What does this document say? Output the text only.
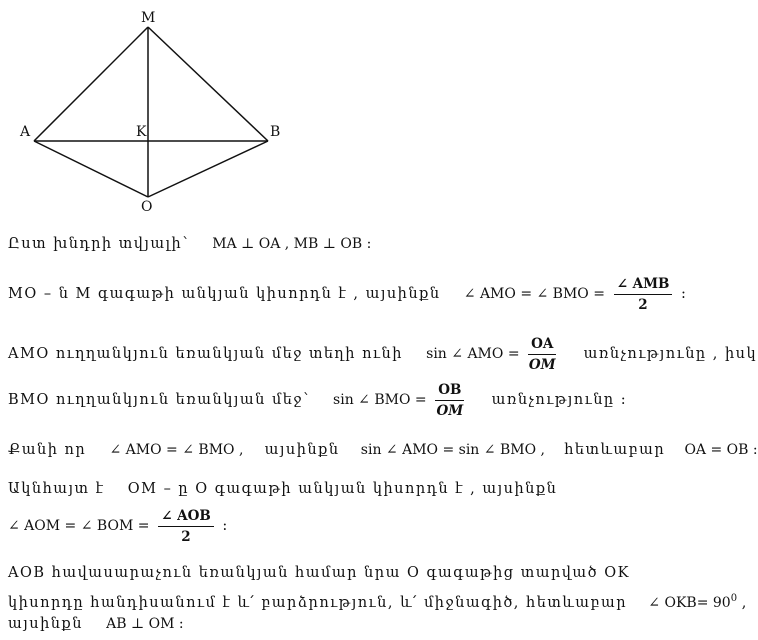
M
A	K	B
O
Ըստ խնդրի տվյալի՝ MA ⊥ OA , MB ⊥ OB :
MO – ն M գագաթի անկյան կիսորդն է , այսինքն ∠ AMO = ∠ BMO = $\frac{\text{∠ AMB}}{2}$ :
AMO ուղղանկյուն եռանկյան մեջ տեղի ունի sin ∠ AMO = $\frac{OA}{OM}$ առնչությունը , իսկ
BMO ուղղանկյուն եռանկյան մեջ՝ sin ∠ BMO = $\frac{OB}{OM}$ առնչությունը :
Քանի որ ∠ AMO = ∠ BMO , այսինքն sin ∠ AMO = sin ∠ BMO , հետևաբար OA = OB :
Ակնհայտ է OM – ը O գագաթի անկյան կիսորդն է , այսինքն
∠ AOM = ∠ BOM = $\frac{\text{∠ AOB}}{2}$ :
AOB հավասարաչուն եռանկյան համար նրա O գագաթից տարված OK
կիսորդը հանդիսանում է և՛ բարձրություն, և՛ միջնագիծ, հետևաբար ∠ $OKB= 90^0$ ,
այսինքն AB ⊥ OM :
